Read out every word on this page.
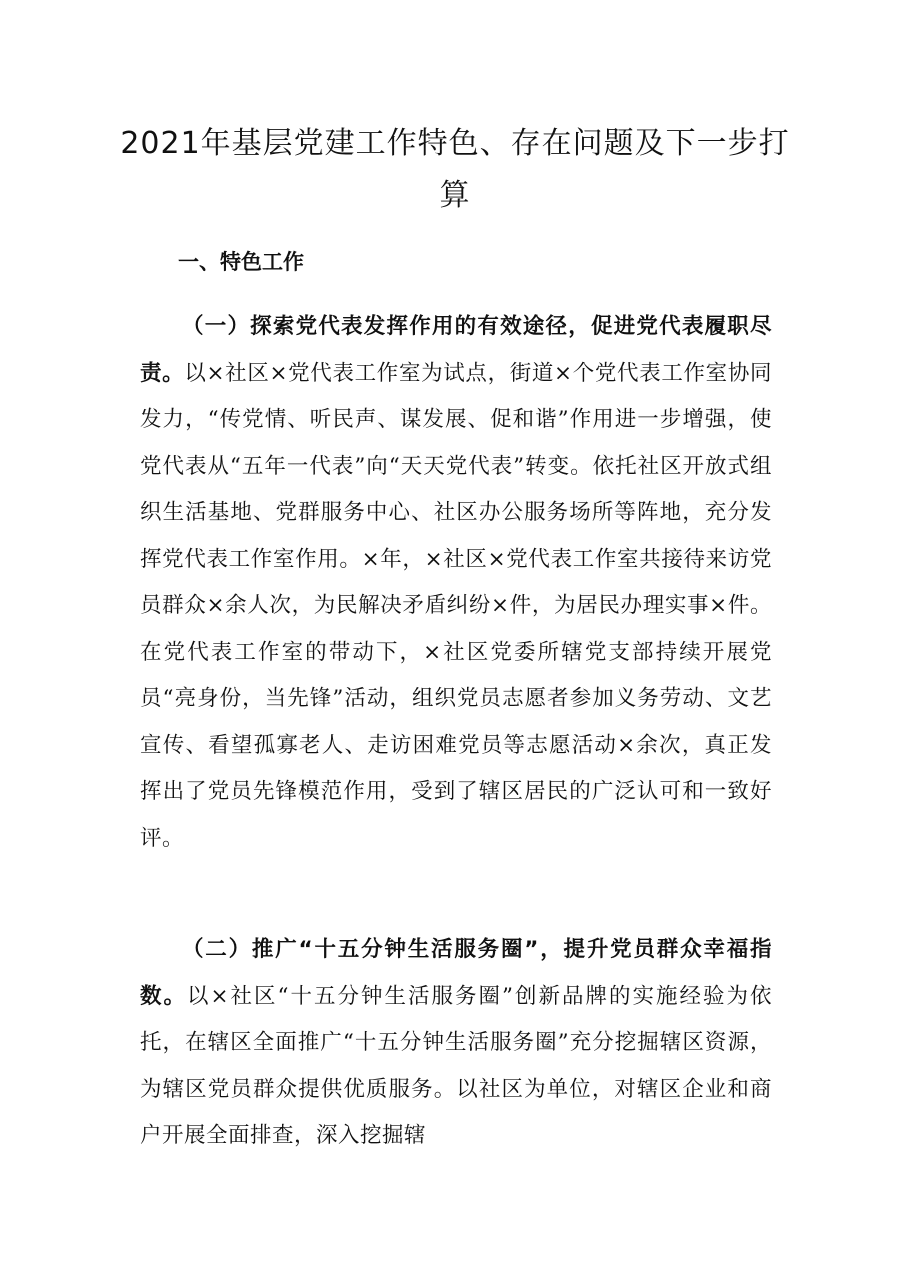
2021年基层党建工作特色、存在问题及下一步打算
一、特色工作

（一）探索党代表发挥作用的有效途径，促进党代表履职尽责。以×社区×党代表工作室为试点，街道×个党代表工作室协同发力，“传党情、听民声、谋发展、促和谐”作用进一步增强，使党代表从“五年一代表”向“天天党代表”转变。依托社区开放式组织生活基地、党群服务中心、社区办公服务场所等阵地，充分发挥党代表工作室作用。×年，×社区×党代表工作室共接待来访党员群众×余人次，为民解决矛盾纠纷×件，为居民办理实事×件。在党代表工作室的带动下，×社区党委所辖党支部持续开展党员“亮身份，当先锋”活动，组织党员志愿者参加义务劳动、文艺宣传、看望孤寡老人、走访困难党员等志愿活动×余次，真正发挥出了党员先锋模范作用，受到了辖区居民的广泛认可和一致好评。

（二）推广“十五分钟生活服务圈”，提升党员群众幸福指数。以×社区“十五分钟生活服务圈”创新品牌的实施经验为依托，在辖区全面推广“十五分钟生活服务圈”充分挖掘辖区资源，为辖区党员群众提供优质服务。以社区为单位，对辖区企业和商户开展全面排查，深入挖掘辖
